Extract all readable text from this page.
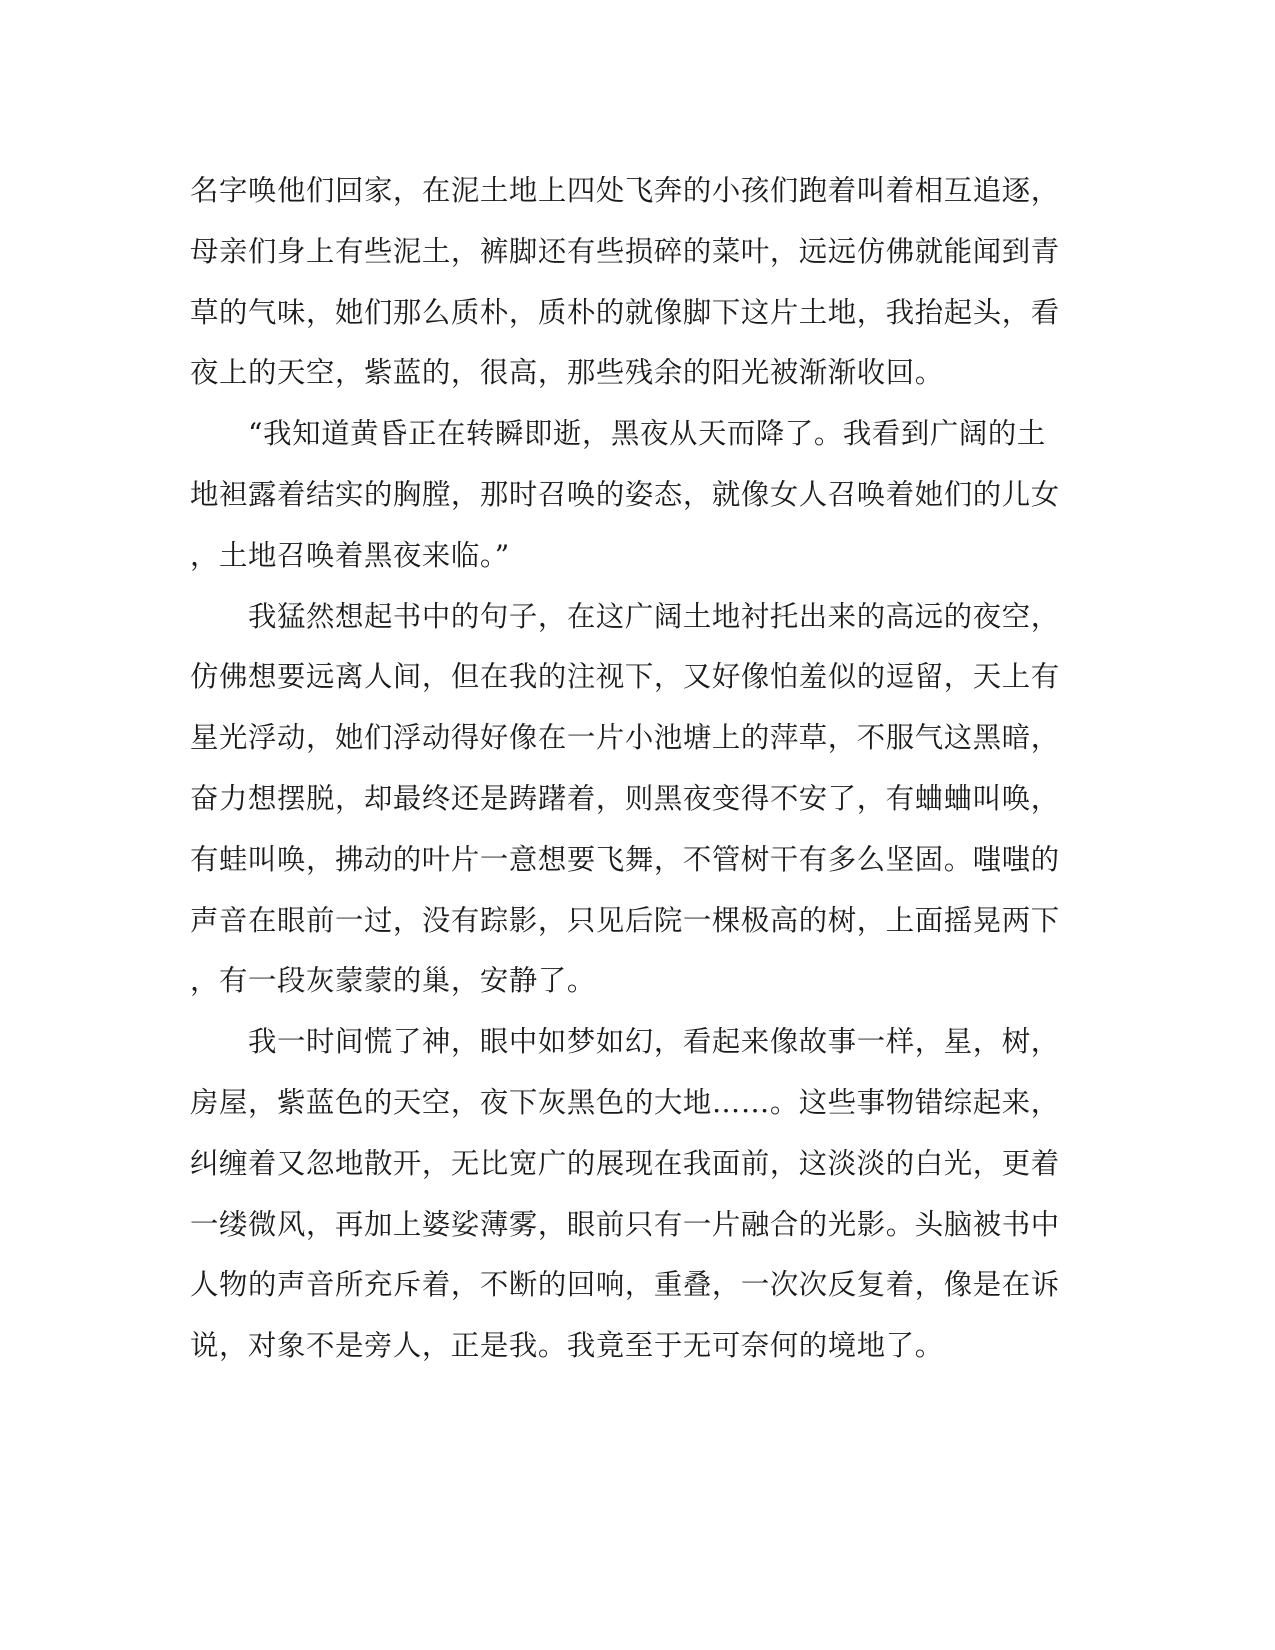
名字唤他们回家，在泥土地上四处飞奔的小孩们跑着叫着相互追逐，
母亲们身上有些泥土，裤脚还有些损碎的菜叶，远远仿佛就能闻到青
草的气味，她们那么质朴，质朴的就像脚下这片土地，我抬起头，看
夜上的天空，紫蓝的，很高，那些残余的阳光被渐渐收回。
　　“我知道黄昏正在转瞬即逝，黑夜从天而降了。我看到广阔的土
地袒露着结实的胸膛，那时召唤的姿态，就像女人召唤着她们的儿女
，土地召唤着黑夜来临。”
　　我猛然想起书中的句子，在这广阔土地衬托出来的高远的夜空，
仿佛想要远离人间，但在我的注视下，又好像怕羞似的逗留，天上有
星光浮动，她们浮动得好像在一片小池塘上的萍草，不服气这黑暗，
奋力想摆脱，却最终还是踌躇着，则黑夜变得不安了，有蛐蛐叫唤，
有蛙叫唤，拂动的叶片一意想要飞舞，不管树干有多么坚固。嗤嗤的
声音在眼前一过，没有踪影，只见后院一棵极高的树，上面摇晃两下
，有一段灰蒙蒙的巢，安静了。
　　我一时间慌了神，眼中如梦如幻，看起来像故事一样，星，树，
房屋，紫蓝色的天空，夜下灰黑色的大地……。这些事物错综起来，
纠缠着又忽地散开，无比宽广的展现在我面前，这淡淡的白光，更着
一缕微风，再加上婆娑薄雾，眼前只有一片融合的光影。头脑被书中
人物的声音所充斥着，不断的回响，重叠，一次次反复着，像是在诉
说，对象不是旁人，正是我。我竟至于无可奈何的境地了。
